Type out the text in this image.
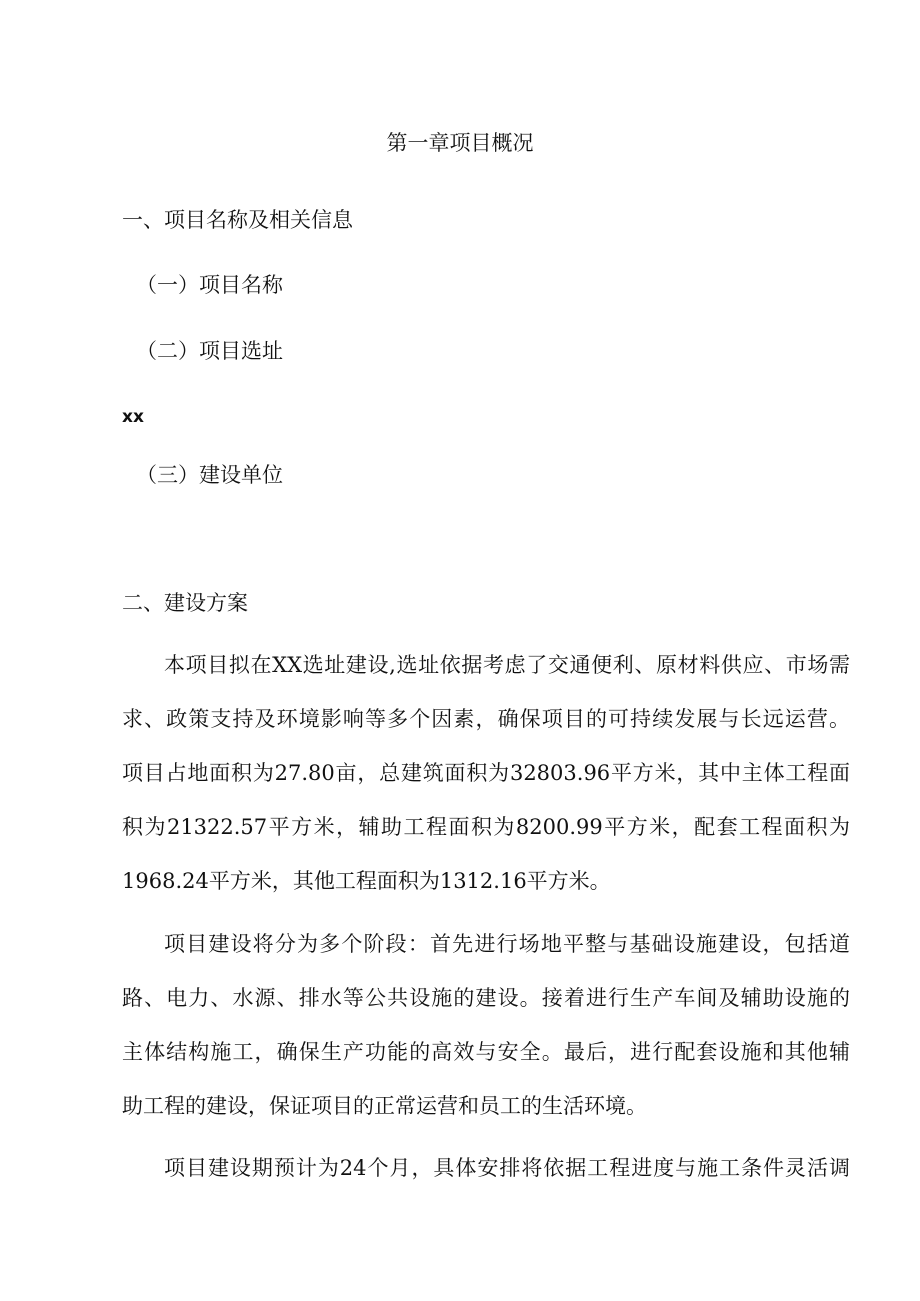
第一章项目概况

一、项目名称及相关信息

（一）项目名称

（二）项目选址

xx

（三）建设单位

二、建设方案

本项目拟在XX选址建设,选址依据考虑了交通便利、原材料供应、市场需

求、政策支持及环境影响等多个因素，确保项目的可持续发展与长远运营。

项目占地面积为27.80亩，总建筑面积为32803.96平方米，其中主体工程面

积为21322.57平方米，辅助工程面积为8200.99平方米，配套工程面积为

1968.24平方米，其他工程面积为1312.16平方米。

项目建设将分为多个阶段：首先进行场地平整与基础设施建设，包括道

路、电力、水源、排水等公共设施的建设。接着进行生产车间及辅助设施的

主体结构施工，确保生产功能的高效与安全。最后，进行配套设施和其他辅

助工程的建设，保证项目的正常运营和员工的生活环境。

项目建设期预计为24个月，具体安排将依据工程进度与施工条件灵活调
